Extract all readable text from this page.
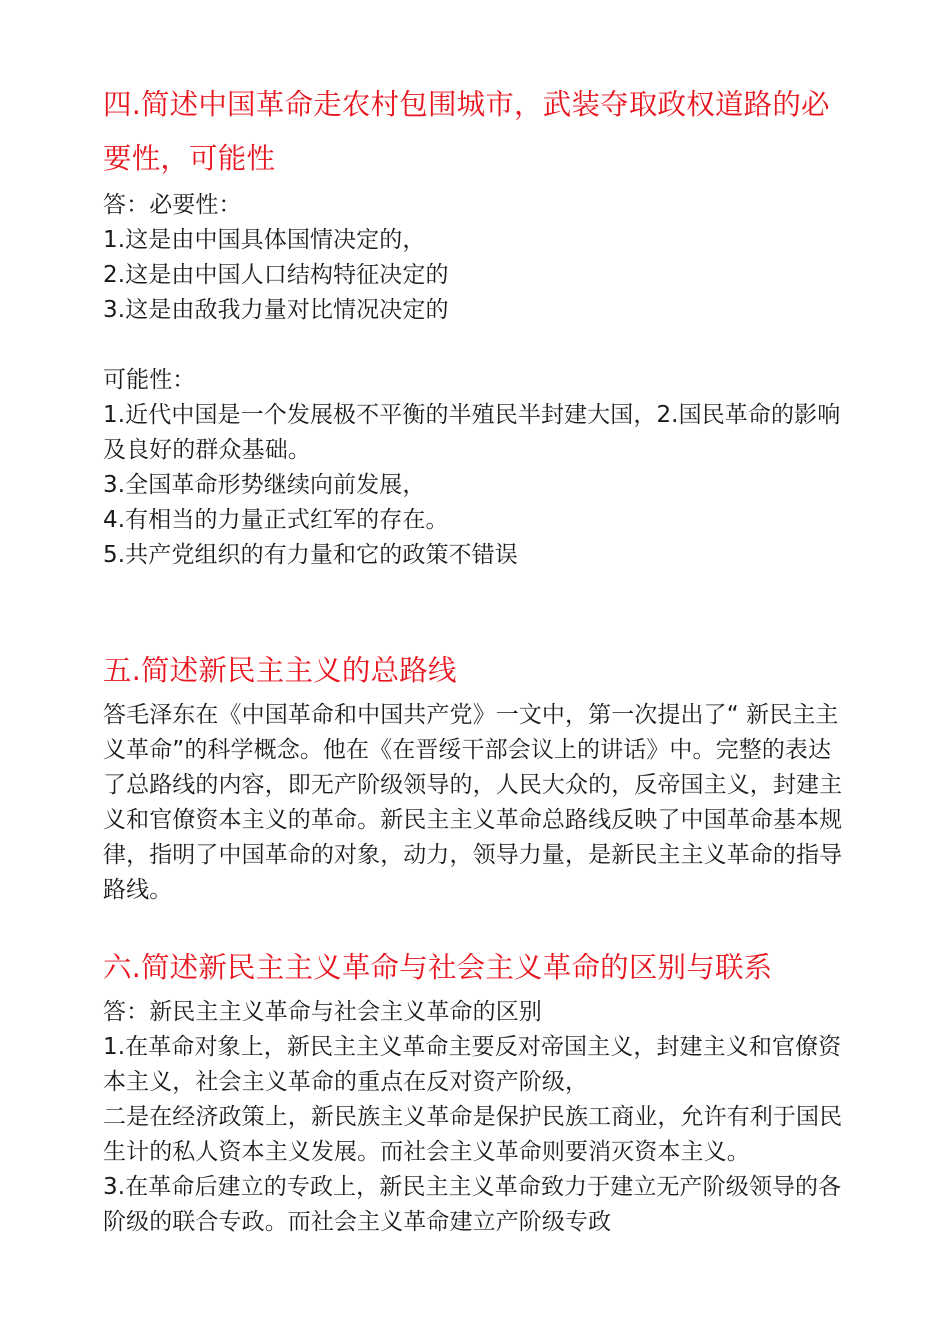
四.简述中国革命走农村包围城市，武装夺取政权道路的必要性，可能性

答：必要性：

1.这是由中国具体国情决定的，

2.这是由中国人口结构特征决定的

3.这是由敌我力量对比情况决定的

可能性：

1.近代中国是一个发展极不平衡的半殖民半封建大国，2.国民革命的影响及良好的群众基础。

3.全国革命形势继续向前发展，

4.有相当的力量正式红军的存在。

5.共产党组织的有力量和它的政策不错误

五.简述新民主主义的总路线

答毛泽东在《中国革命和中国共产党》一文中，第一次提出了“ 新民主主义革命”的科学概念。他在《在晋绥干部会议上的讲话》中。完整的表达了总路线的内容，即无产阶级领导的，人民大众的，反帝国主义，封建主义和官僚资本主义的革命。新民主主义革命总路线反映了中国革命基本规律，指明了中国革命的对象，动力，领导力量，是新民主主义革命的指导路线。

六.简述新民主主义革命与社会主义革命的区别与联系

答：新民主主义革命与社会主义革命的区别

1.在革命对象上，新民主主义革命主要反对帝国主义，封建主义和官僚资本主义，社会主义革命的重点在反对资产阶级，

二是在经济政策上，新民族主义革命是保护民族工商业，允许有利于国民生计的私人资本主义发展。而社会主义革命则要消灭资本主义。

3.在革命后建立的专政上，新民主主义革命致力于建立无产阶级领导的各阶级的联合专政。而社会主义革命建立产阶级专政
